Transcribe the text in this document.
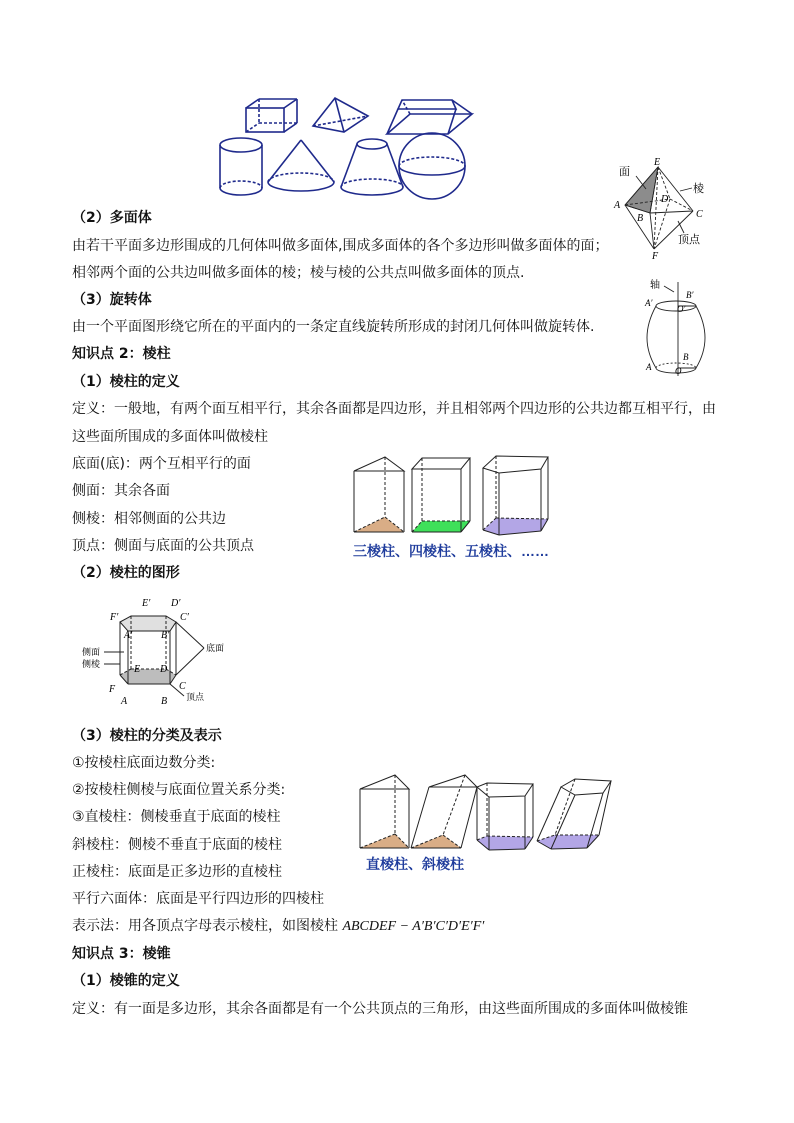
面
棱
顶点
E
A
B	C
D
F
轴
A′
B′
O′
A
B
O
三棱柱、四棱柱、五棱柱、……
E′ D′
F′	C′
A′	B′
E D
F	C
A	B
侧面
侧棱
底面
顶点
直棱柱、斜棱柱
（2）多面体
由若干平面多边形围成的几何体叫做多面体,围成多面体的各个多边形叫做多面体的面；
相邻两个面的公共边叫做多面体的棱；棱与棱的公共点叫做多面体的顶点.
（3）旋转体
由一个平面图形绕它所在的平面内的一条定直线旋转所形成的封闭几何体叫做旋转体.
知识点 2：棱柱
（1）棱柱的定义
定义：一般地，有两个面互相平行，其余各面都是四边形，并且相邻两个四边形的公共边都互相平行，由
这些面所围成的多面体叫做棱柱
底面(底)：两个互相平行的面
侧面：其余各面
侧棱：相邻侧面的公共边
顶点：侧面与底面的公共顶点
（2）棱柱的图形
（3）棱柱的分类及表示
①按棱柱底面边数分类:
②按棱柱侧棱与底面位置关系分类:
③直棱柱：侧棱垂直于底面的棱柱
斜棱柱：侧棱不垂直于底面的棱柱
正棱柱：底面是正多边形的直棱柱
平行六面体：底面是平行四边形的四棱柱
表示法：用各顶点字母表示棱柱，如图棱柱 ABCDEF − A′B′C′D′E′F′
知识点 3：棱锥
（1）棱锥的定义
定义：有一面是多边形，其余各面都是有一个公共顶点的三角形，由这些面所围成的多面体叫做棱锥
